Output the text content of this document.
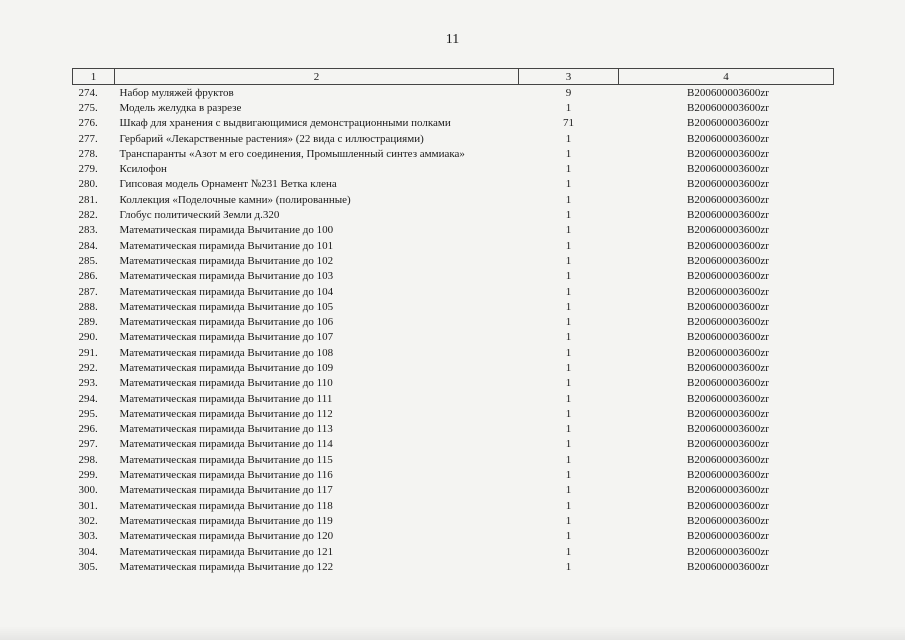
11
1	2	3	4
274.	Набор муляжей фруктов	9	B200600003600zr
275.	Модель желудка в разрезе	1	B200600003600zr
276.	Шкаф для хранения с выдвигающимися демонстрационными полками	71	B200600003600zr
277.	Гербарий «Лекарственные растения» (22 вида с иллюстрациями)	1	B200600003600zr
278.	Транспаранты «Азот м его соединения, Промышленный синтез аммиака»	1	B200600003600zr
279.	Ксилофон	1	B200600003600zr
280.	Гипсовая модель Орнамент №231 Ветка клена	1	B200600003600zr
281.	Коллекция «Поделочные камни» (полированные)	1	B200600003600zr
282.	Глобус политический Земли д.320	1	B200600003600zr
283.	Математическая пирамида Вычитание до 100	1	B200600003600zr
284.	Математическая пирамида Вычитание до 101	1	B200600003600zr
285.	Математическая пирамида Вычитание до 102	1	B200600003600zr
286.	Математическая пирамида Вычитание до 103	1	B200600003600zr
287.	Математическая пирамида Вычитание до 104	1	B200600003600zr
288.	Математическая пирамида Вычитание до 105	1	B200600003600zr
289.	Математическая пирамида Вычитание до 106	1	B200600003600zr
290.	Математическая пирамида Вычитание до 107	1	B200600003600zr
291.	Математическая пирамида Вычитание до 108	1	B200600003600zr
292.	Математическая пирамида Вычитание до 109	1	B200600003600zr
293.	Математическая пирамида Вычитание до 110	1	B200600003600zr
294.	Математическая пирамида Вычитание до 111	1	B200600003600zr
295.	Математическая пирамида Вычитание до 112	1	B200600003600zr
296.	Математическая пирамида Вычитание до 113	1	B200600003600zr
297.	Математическая пирамида Вычитание до 114	1	B200600003600zr
298.	Математическая пирамида Вычитание до 115	1	B200600003600zr
299.	Математическая пирамида Вычитание до 116	1	B200600003600zr
300.	Математическая пирамида Вычитание до 117	1	B200600003600zr
301.	Математическая пирамида Вычитание до 118	1	B200600003600zr
302.	Математическая пирамида Вычитание до 119	1	B200600003600zr
303.	Математическая пирамида Вычитание до 120	1	B200600003600zr
304.	Математическая пирамида Вычитание до 121	1	B200600003600zr
305.	Математическая пирамида Вычитание до 122	1	B200600003600zr
